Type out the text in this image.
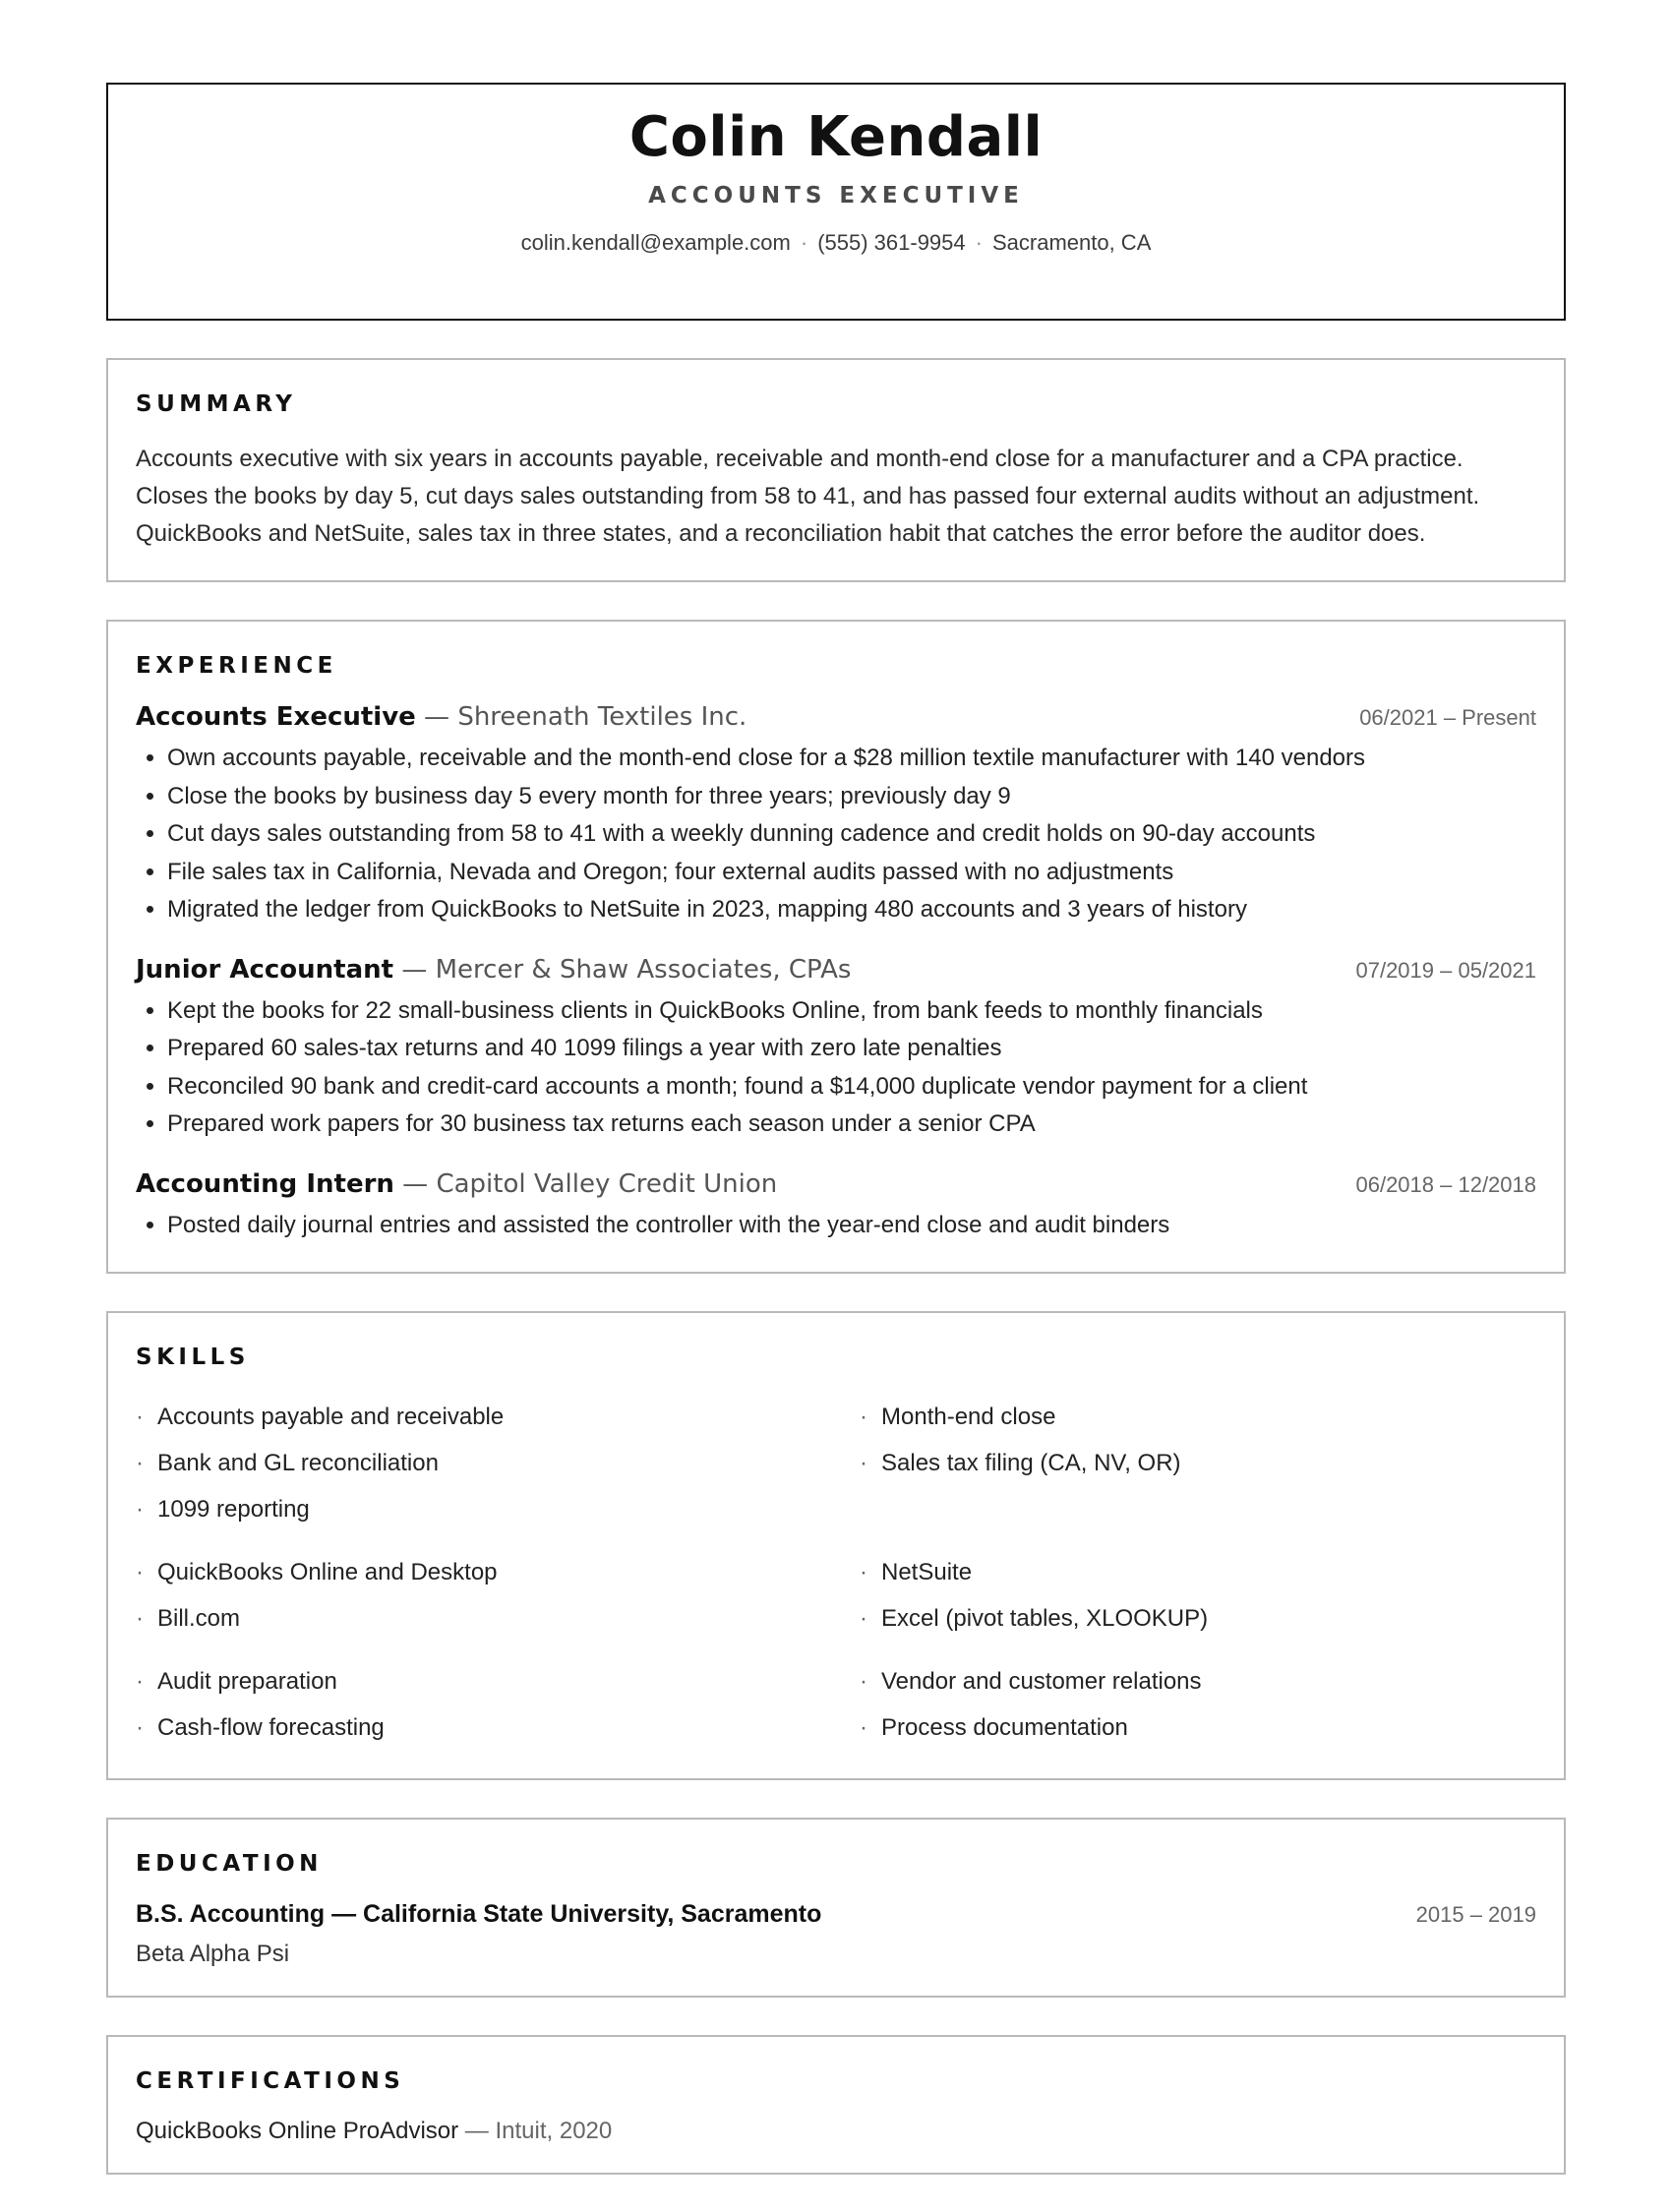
Colin Kendall
ACCOUNTS EXECUTIVE
colin.kendall@example.com · (555) 361-9954 · Sacramento, CA
SUMMARY
Accounts executive with six years in accounts payable, receivable and month-end close for a manufacturer and a CPA practice. Closes the books by day 5, cut days sales outstanding from 58 to 41, and has passed four external audits without an adjustment. QuickBooks and NetSuite, sales tax in three states, and a reconciliation habit that catches the error before the auditor does.
EXPERIENCE
Accounts Executive — Shreenath Textiles Inc.	06/2021 – Present
• Own accounts payable, receivable and the month-end close for a $28 million textile manufacturer with 140 vendors
• Close the books by business day 5 every month for three years; previously day 9
• Cut days sales outstanding from 58 to 41 with a weekly dunning cadence and credit holds on 90-day accounts
• File sales tax in California, Nevada and Oregon; four external audits passed with no adjustments
• Migrated the ledger from QuickBooks to NetSuite in 2023, mapping 480 accounts and 3 years of history
Junior Accountant — Mercer & Shaw Associates, CPAs	07/2019 – 05/2021
• Kept the books for 22 small-business clients in QuickBooks Online, from bank feeds to monthly financials
• Prepared 60 sales-tax returns and 40 1099 filings a year with zero late penalties
• Reconciled 90 bank and credit-card accounts a month; found a $14,000 duplicate vendor payment for a client
• Prepared work papers for 30 business tax returns each season under a senior CPA
Accounting Intern — Capitol Valley Credit Union	06/2018 – 12/2018
• Posted daily journal entries and assisted the controller with the year-end close and audit binders
SKILLS
· Accounts payable and receivable	· Month-end close
· Bank and GL reconciliation	· Sales tax filing (CA, NV, OR)
· 1099 reporting
· QuickBooks Online and Desktop	· NetSuite
· Bill.com	· Excel (pivot tables, XLOOKUP)
· Audit preparation	· Vendor and customer relations
· Cash-flow forecasting	· Process documentation
EDUCATION
B.S. Accounting — California State University, Sacramento	2015 – 2019
Beta Alpha Psi
CERTIFICATIONS
QuickBooks Online ProAdvisor — Intuit, 2020
